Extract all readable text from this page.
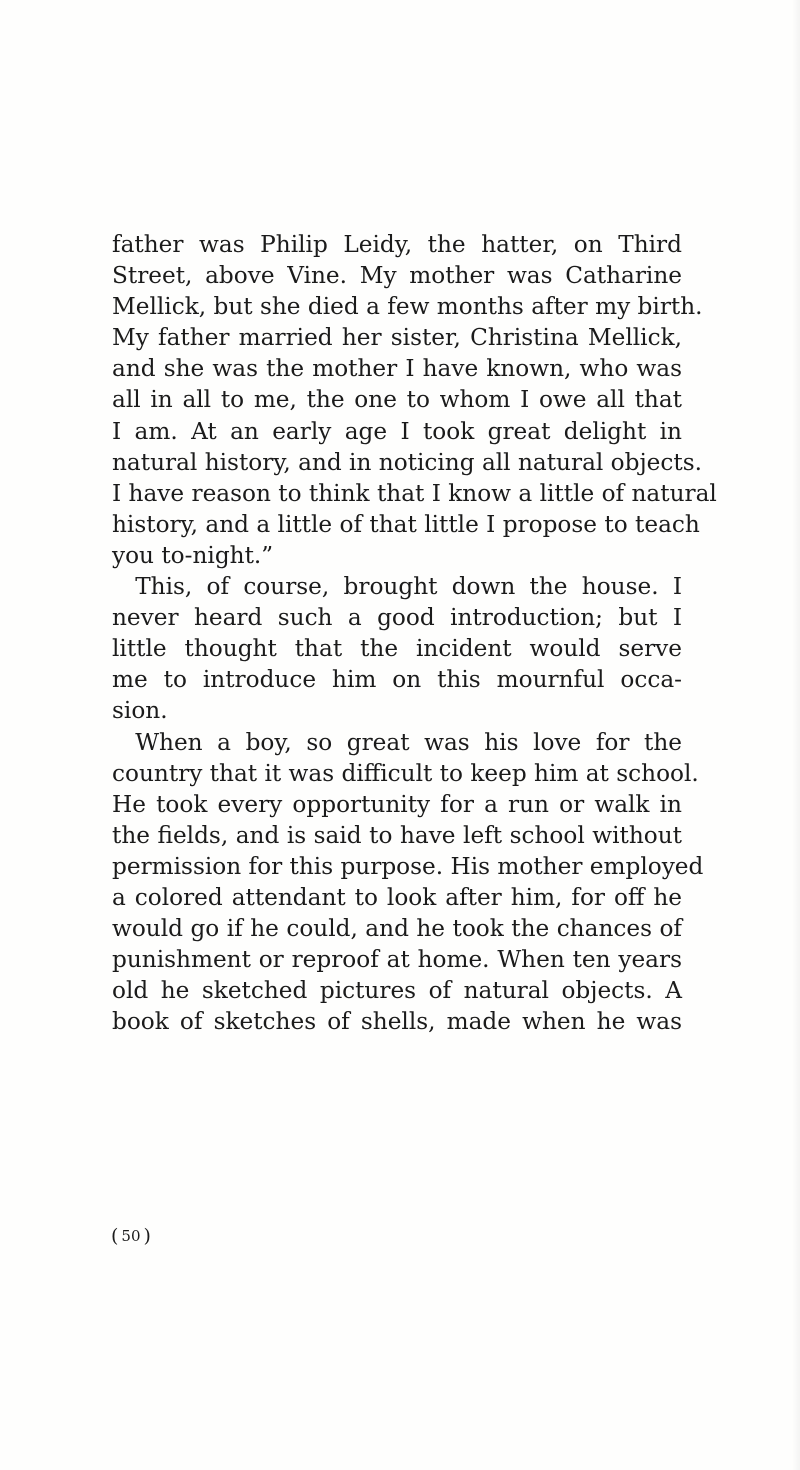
father was Philip Leidy, the hatter, on Third
Street, above Vine. My mother was Catharine
Mellick, but she died a few months after my birth.
My father married her sister, Christina Mellick,
and she was the mother I have known, who was
all in all to me, the one to whom I owe all that
I am. At an early age I took great delight in
natural history, and in noticing all natural objects.
I have reason to think that I know a little of natural
history, and a little of that little I propose to teach
you to-night.”
 This, of course, brought down the house. I
never heard such a good introduction; but I
little thought that the incident would serve
me to introduce him on this mournful occa-
sion.
 When a boy, so great was his love for the
country that it was difficult to keep him at school.
He took every opportunity for a run or walk in
the fields, and is said to have left school without
permission for this purpose. His mother employed
a colored attendant to look after him, for off he
would go if he could, and he took the chances of
punishment or reproof at home. When ten years
old he sketched pictures of natural objects. A
book of sketches of shells, made when he was
( 50 )
